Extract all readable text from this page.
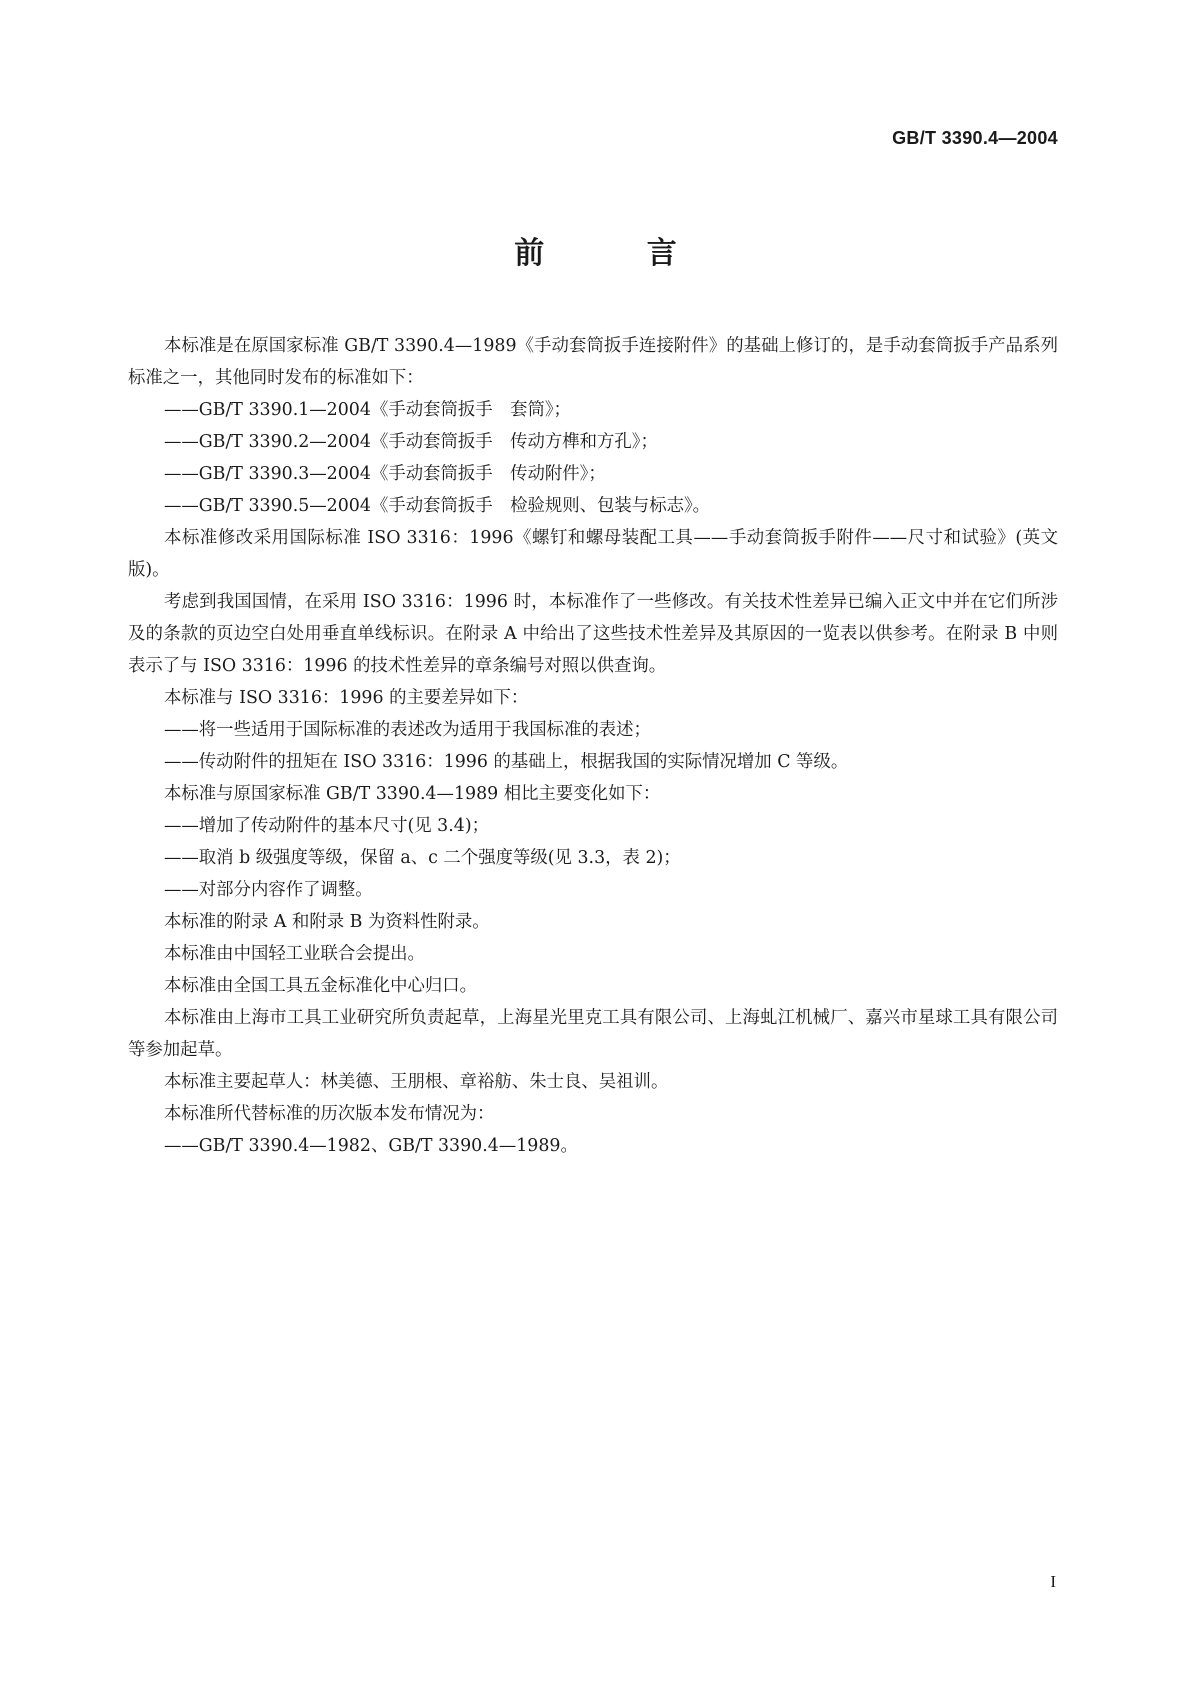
GB/T 3390.4—2004
前 言

本标准是在原国家标准 GB/T 3390.4—1989《手动套筒扳手连接附件》的基础上修订的，是手动套筒扳手产品系列标准之一，其他同时发布的标准如下：

——GB/T 3390.1—2004《手动套筒扳手　套筒》；

——GB/T 3390.2—2004《手动套筒扳手　传动方榫和方孔》；

——GB/T 3390.3—2004《手动套筒扳手　传动附件》；

——GB/T 3390.5—2004《手动套筒扳手　检验规则、包装与标志》。

本标准修改采用国际标准 ISO 3316：1996《螺钉和螺母装配工具——手动套筒扳手附件——尺寸和试验》(英文版)。

考虑到我国国情，在采用 ISO 3316：1996 时，本标准作了一些修改。有关技术性差异已编入正文中并在它们所涉及的条款的页边空白处用垂直单线标识。在附录 A 中给出了这些技术性差异及其原因的一览表以供参考。在附录 B 中则表示了与 ISO 3316：1996 的技术性差异的章条编号对照以供查询。

本标准与 ISO 3316：1996 的主要差异如下：

——将一些适用于国际标准的表述改为适用于我国标准的表述；

——传动附件的扭矩在 ISO 3316：1996 的基础上，根据我国的实际情况增加 C 等级。

本标准与原国家标准 GB/T 3390.4—1989 相比主要变化如下：

——增加了传动附件的基本尺寸(见 3.4)；

——取消 b 级强度等级，保留 a、c 二个强度等级(见 3.3，表 2)；

——对部分内容作了调整。

本标准的附录 A 和附录 B 为资料性附录。

本标准由中国轻工业联合会提出。

本标准由全国工具五金标准化中心归口。

本标准由上海市工具工业研究所负责起草，上海星光里克工具有限公司、上海虬江机械厂、嘉兴市星球工具有限公司等参加起草。

本标准主要起草人：林美德、王朋根、章裕舫、朱士良、吴祖训。

本标准所代替标准的历次版本发布情况为：

——GB/T 3390.4—1982、GB/T 3390.4—1989。

I
